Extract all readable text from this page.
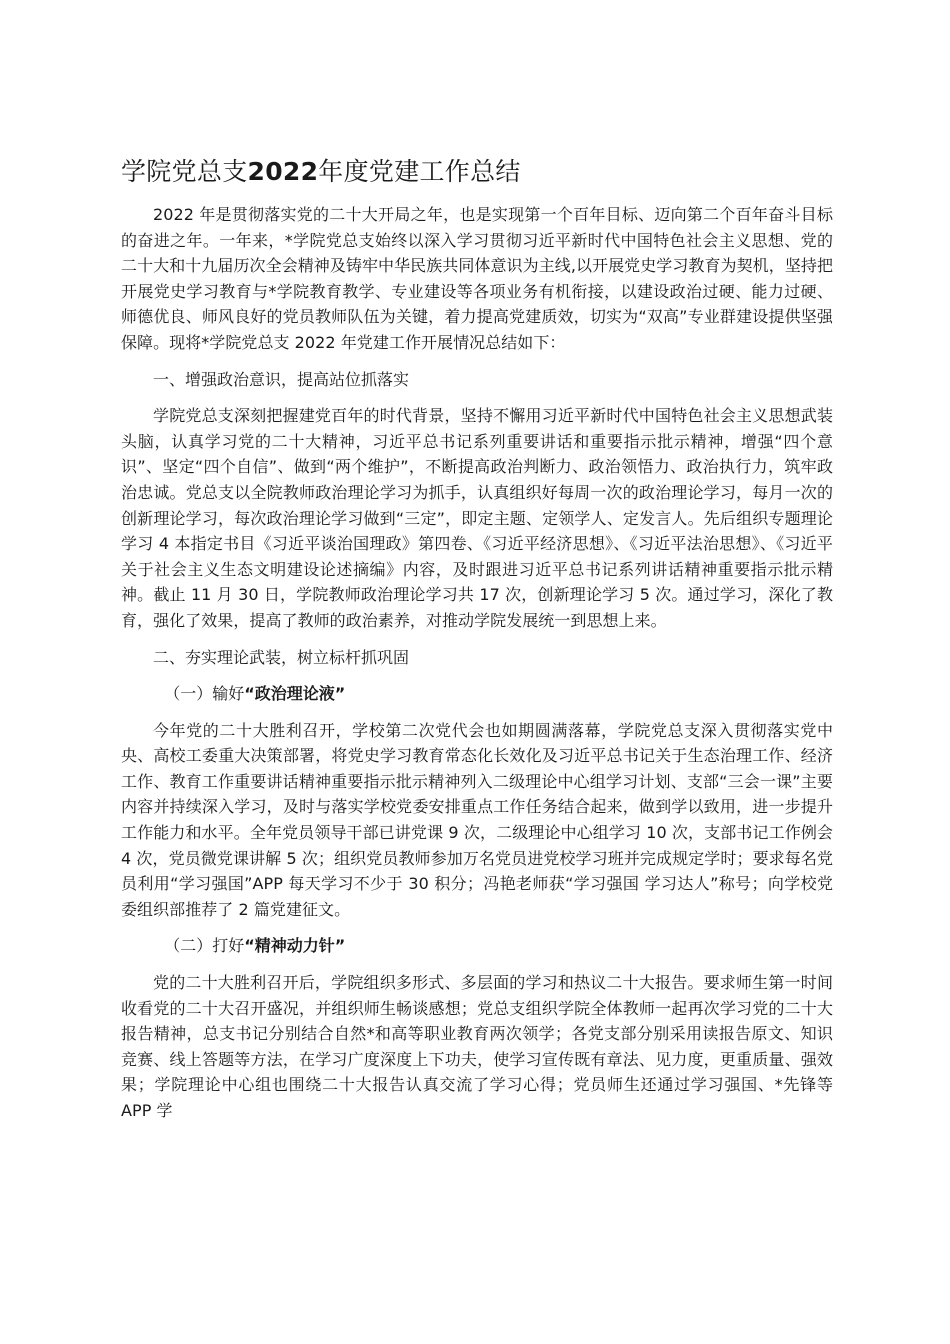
学院党总支2022年度党建工作总结

2022 年是贯彻落实党的二十大开局之年，也是实现第一个百年目标、迈向第二个百年奋斗目标的奋进之年。一年来，*学院党总支始终以深入学习贯彻习近平新时代中国特色社会主义思想、党的二十大和十九届历次全会精神及铸牢中华民族共同体意识为主线,以开展党史学习教育为契机，坚持把开展党史学习教育与*学院教育教学、专业建设等各项业务有机衔接，以建设政治过硬、能力过硬、师德优良、师风良好的党员教师队伍为关键，着力提高党建质效，切实为“双高”专业群建设提供坚强保障。现将*学院党总支 2022 年党建工作开展情况总结如下：

一、增强政治意识，提高站位抓落实

学院党总支深刻把握建党百年的时代背景，坚持不懈用习近平新时代中国特色社会主义思想武装头脑，认真学习党的二十大精神，习近平总书记系列重要讲话和重要指示批示精神，增强“四个意识”、坚定“四个自信”、做到“两个维护”，不断提高政治判断力、政治领悟力、政治执行力，筑牢政治忠诚。党总支以全院教师政治理论学习为抓手，认真组织好每周一次的政治理论学习，每月一次的创新理论学习，每次政治理论学习做到“三定”，即定主题、定领学人、定发言人。先后组织专题理论学习 4 本指定书目《习近平谈治国理政》第四卷、《习近平经济思想》、《习近平法治思想》、《习近平关于社会主义生态文明建设论述摘编》内容，及时跟进习近平总书记系列讲话精神重要指示批示精神。截止 11 月 30 日，学院教师政治理论学习共 17 次，创新理论学习 5 次。通过学习，深化了教育，强化了效果，提高了教师的政治素养，对推动学院发展统一到思想上来。

二、夯实理论武装，树立标杆抓巩固

（一）输好“政治理论液”

今年党的二十大胜利召开，学校第二次党代会也如期圆满落幕，学院党总支深入贯彻落实党中央、高校工委重大决策部署，将党史学习教育常态化长效化及习近平总书记关于生态治理工作、经济工作、教育工作重要讲话精神重要指示批示精神列入二级理论中心组学习计划、支部“三会一课”主要内容并持续深入学习，及时与落实学校党委安排重点工作任务结合起来，做到学以致用，进一步提升工作能力和水平。全年党员领导干部已讲党课 9 次，二级理论中心组学习 10 次，支部书记工作例会 4 次，党员微党课讲解 5 次；组织党员教师参加万名党员进党校学习班并完成规定学时；要求每名党员利用“学习强国”APP 每天学习不少于 30 积分；冯艳老师获“学习强国 学习达人”称号；向学校党委组织部推荐了 2 篇党建征文。

（二）打好“精神动力针”

党的二十大胜利召开后，学院组织多形式、多层面的学习和热议二十大报告。要求师生第一时间收看党的二十大召开盛况，并组织师生畅谈感想；党总支组织学院全体教师一起再次学习党的二十大报告精神，总支书记分别结合自然*和高等职业教育两次领学；各党支部分别采用读报告原文、知识竞赛、线上答题等方法，在学习广度深度上下功夫，使学习宣传既有章法、见力度，更重质量、强效果；学院理论中心组也围绕二十大报告认真交流了学习心得；党员师生还通过学习强国、*先锋等 APP 学
